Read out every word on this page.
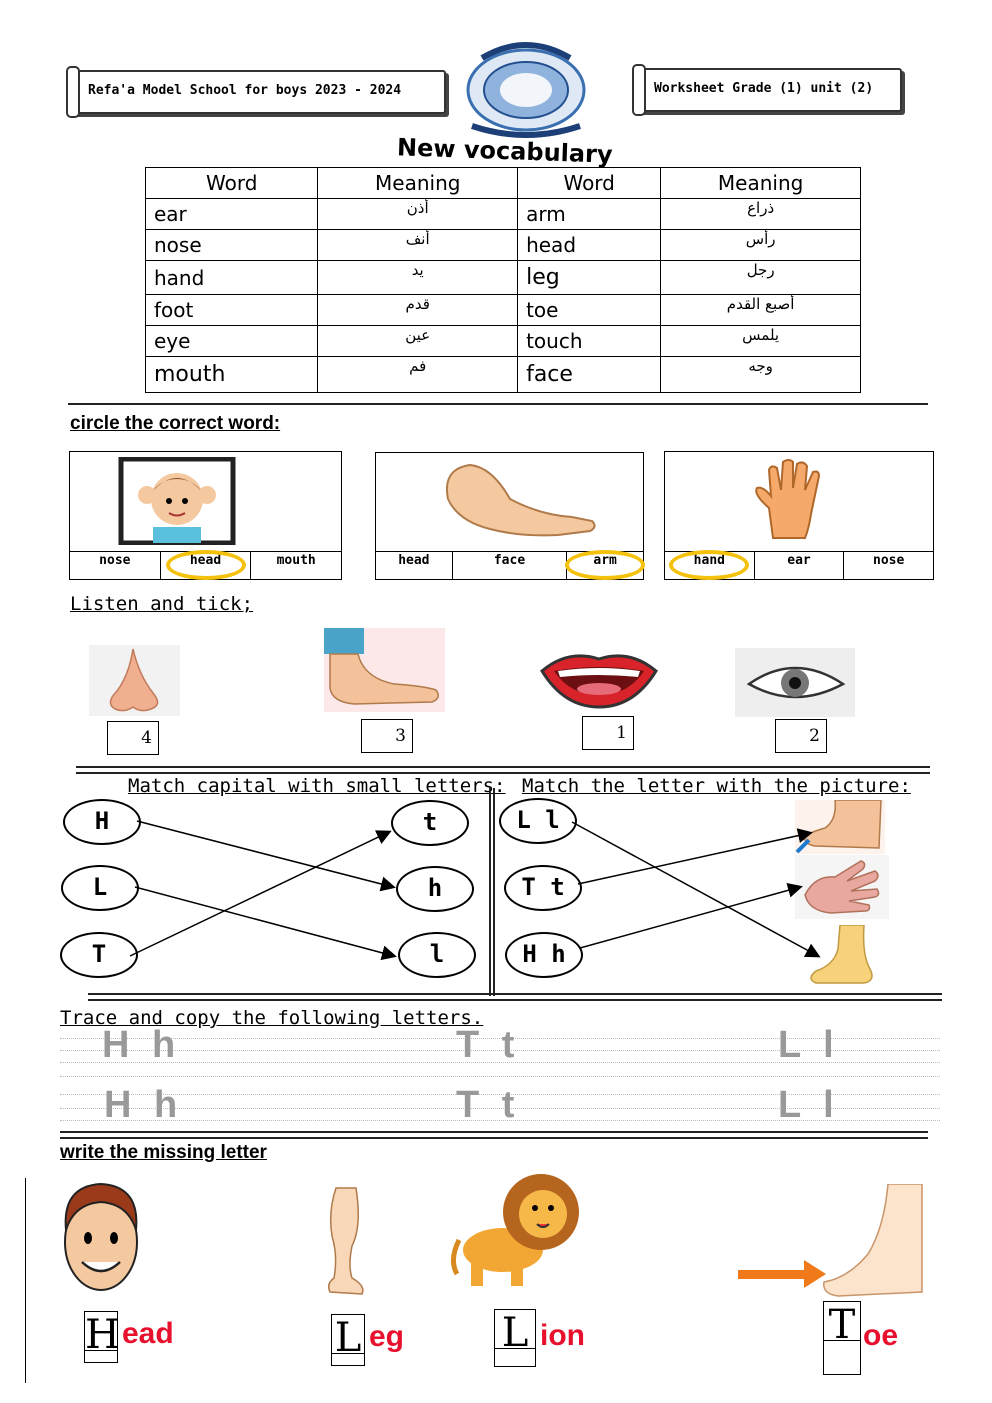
Refa'a Model School for boys 2023 - 2024	Worksheet Grade (1) unit (2)
New vocabulary
Word	Meaning	Word	Meaning
ear	أذن	arm	ذراع
nose	أنف	head	رأس
hand	يد	leg	رجل
foot	قدم	toe	أصبع القدم
eye	عين	touch	يلمس
mouth	فم	face	وجه
circle the correct word:
nose	head	mouth	head	face	arm	hand	ear	nose
Listen and tick;
4	3	1	2
Match capital with small letters: Match the letter with the picture:
H
L
T
t
h
l
L l
T t
H h
Trace and copy the following letters.
H h	T t	L l
H h	T t	L l
write the missing letter
H ead	L eg L ion	T oe
